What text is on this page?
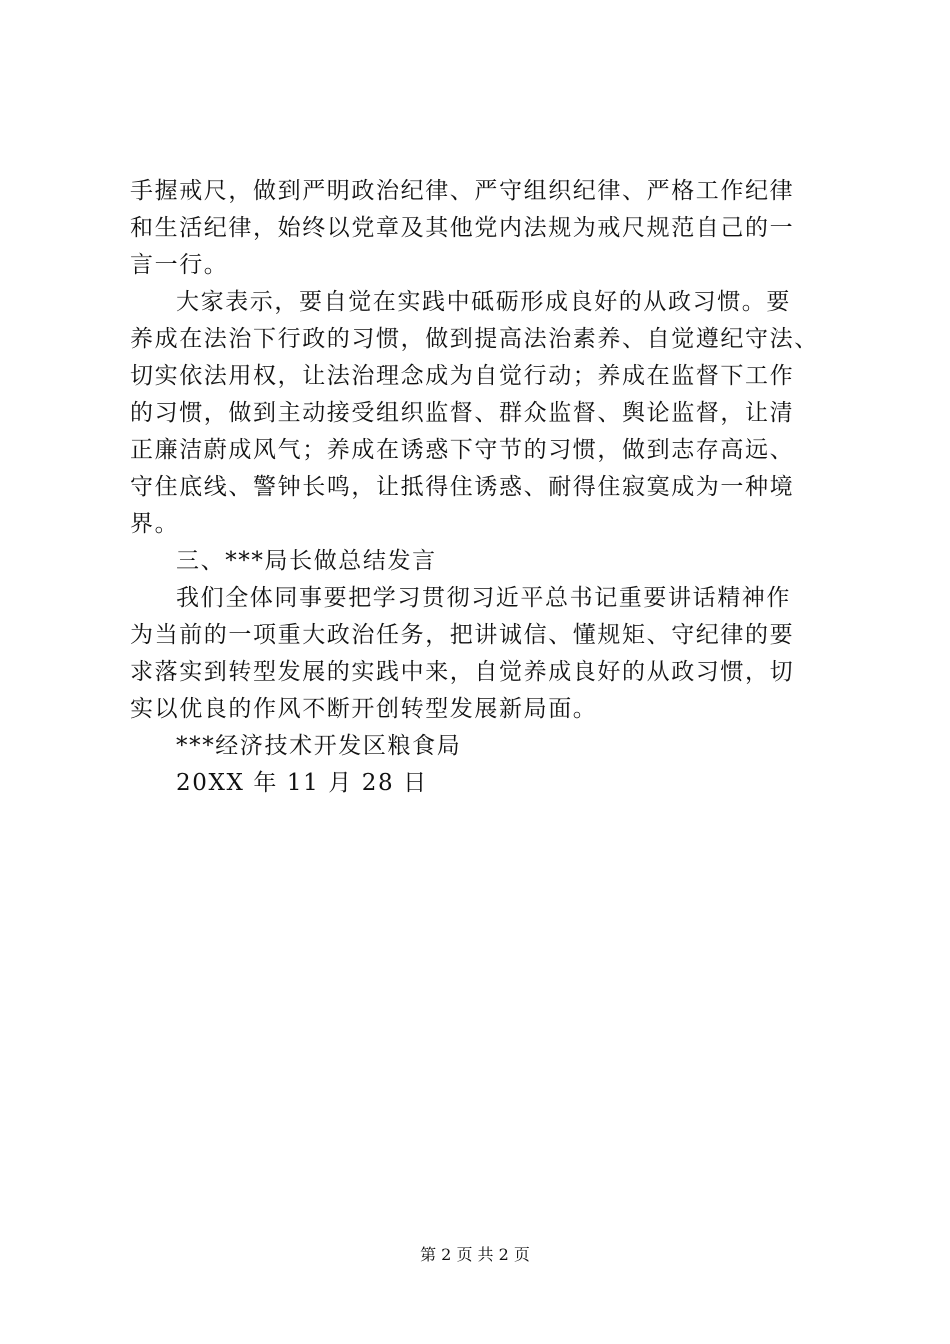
手握戒尺，做到严明政治纪律、严守组织纪律、严格工作纪律
和生活纪律，始终以党章及其他党内法规为戒尺规范自己的一
言一行。
大家表示，要自觉在实践中砥砺形成良好的从政习惯。要
养成在法治下行政的习惯，做到提高法治素养、自觉遵纪守法、
切实依法用权，让法治理念成为自觉行动；养成在监督下工作
的习惯，做到主动接受组织监督、群众监督、舆论监督，让清
正廉洁蔚成风气；养成在诱惑下守节的习惯，做到志存高远、
守住底线、警钟长鸣，让抵得住诱惑、耐得住寂寞成为一种境
界。
三、***局长做总结发言
我们全体同事要把学习贯彻习近平总书记重要讲话精神作
为当前的一项重大政治任务，把讲诚信、懂规矩、守纪律的要
求落实到转型发展的实践中来，自觉养成良好的从政习惯，切
实以优良的作风不断开创转型发展新局面。
***经济技术开发区粮食局
20XX 年 11 月 28 日
第 2 页 共 2 页
